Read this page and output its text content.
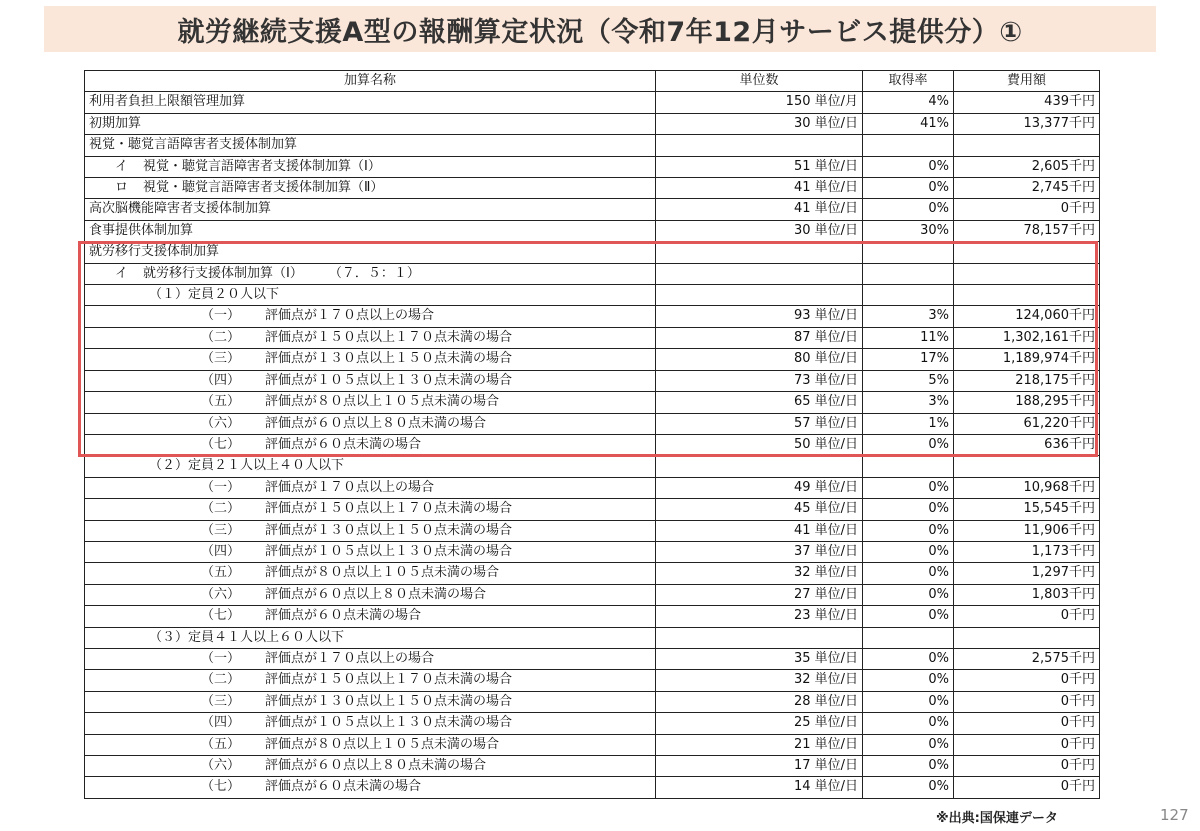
就労継続支援A型の報酬算定状況（令和7年12月サービス提供分）①
加算名称	単位数	取得率	費用額
利用者負担上限額管理加算	150 単位/月	4%	439千円
初期加算	30 単位/日	41%	13,377千円
視覚・聴覚言語障害者支援体制加算			
イ 視覚・聴覚言語障害者支援体制加算（Ⅰ）	51 単位/日	0%	2,605千円
ロ 視覚・聴覚言語障害者支援体制加算（Ⅱ）	41 単位/日	0%	2,745千円
高次脳機能障害者支援体制加算	41 単位/日	0%	0千円
食事提供体制加算	30 単位/日	30%	78,157千円
就労移行支援体制加算			
イ 就労移行支援体制加算（Ⅰ）　　　（７．５：１）			
（１）定員２０人以下			
（一） 評価点が１７０点以上の場合	93 単位/日	3%	124,060千円
（二） 評価点が１５０点以上１７０点未満の場合	87 単位/日	11%	1,302,161千円
（三） 評価点が１３０点以上１５０点未満の場合	80 単位/日	17%	1,189,974千円
（四） 評価点が１０５点以上１３０点未満の場合	73 単位/日	5%	218,175千円
（五） 評価点が８０点以上１０５点未満の場合	65 単位/日	3%	188,295千円
（六） 評価点が６０点以上８０点未満の場合	57 単位/日	1%	61,220千円
（七） 評価点が６０点未満の場合	50 単位/日	0%	636千円
（２）定員２１人以上４０人以下			
（一） 評価点が１７０点以上の場合	49 単位/日	0%	10,968千円
（二） 評価点が１５０点以上１７０点未満の場合	45 単位/日	0%	15,545千円
（三） 評価点が１３０点以上１５０点未満の場合	41 単位/日	0%	11,906千円
（四） 評価点が１０５点以上１３０点未満の場合	37 単位/日	0%	1,173千円
（五） 評価点が８０点以上１０５点未満の場合	32 単位/日	0%	1,297千円
（六） 評価点が６０点以上８０点未満の場合	27 単位/日	0%	1,803千円
（七） 評価点が６０点未満の場合	23 単位/日	0%	0千円
（３）定員４１人以上６０人以下			
（一） 評価点が１７０点以上の場合	35 単位/日	0%	2,575千円
（二） 評価点が１５０点以上１７０点未満の場合	32 単位/日	0%	0千円
（三） 評価点が１３０点以上１５０点未満の場合	28 単位/日	0%	0千円
（四） 評価点が１０５点以上１３０点未満の場合	25 単位/日	0%	0千円
（五） 評価点が８０点以上１０５点未満の場合	21 単位/日	0%	0千円
（六） 評価点が６０点以上８０点未満の場合	17 単位/日	0%	0千円
（七） 評価点が６０点未満の場合	14 単位/日	0%	0千円
※出典:国保連データ	127
